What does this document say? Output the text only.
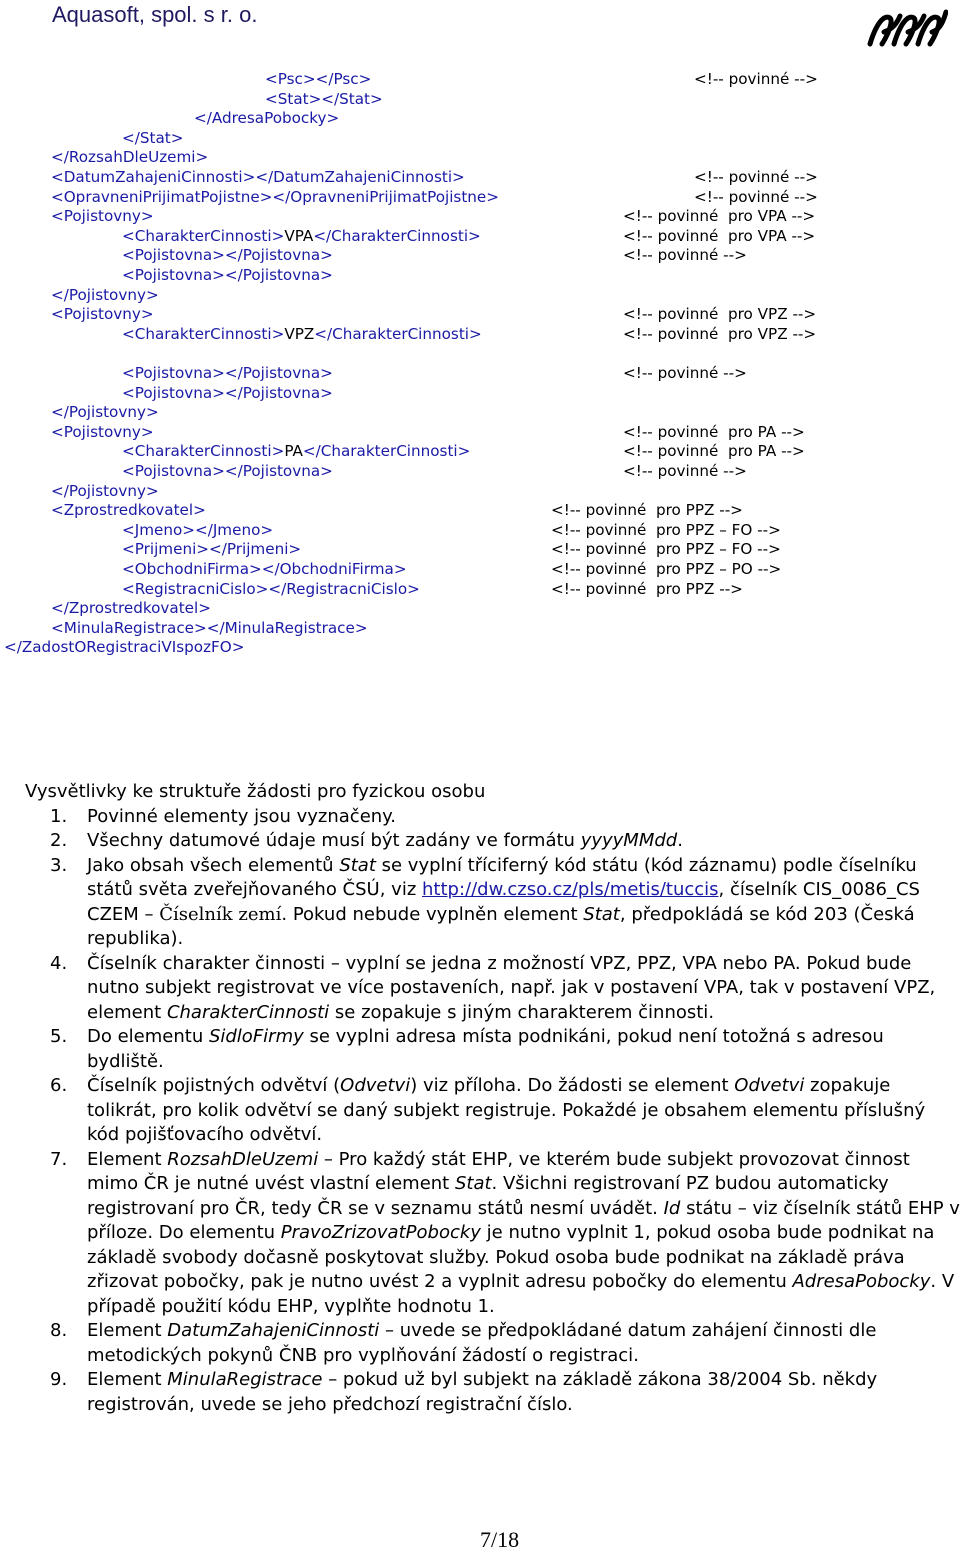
Aquasoft, spol. s r. o.
<Psc></Psc>	<!-- povinné -->
<Stat></Stat>
</AdresaPobocky>
</Stat>
</RozsahDleUzemi>
<DatumZahajeniCinnosti></DatumZahajeniCinnosti>	<!-- povinné -->
<OpravneniPrijimatPojistne></OpravneniPrijimatPojistne>	<!-- povinné -->
<Pojistovny>	<!-- povinné  pro VPA -->
<CharakterCinnosti>VPA</CharakterCinnosti>	<!-- povinné  pro VPA -->
<Pojistovna></Pojistovna>	<!-- povinné -->
<Pojistovna></Pojistovna>
</Pojistovny>
<Pojistovny>	<!-- povinné  pro VPZ -->
<CharakterCinnosti>VPZ</CharakterCinnosti>	<!-- povinné  pro VPZ -->
<Pojistovna></Pojistovna>	<!-- povinné -->
<Pojistovna></Pojistovna>
</Pojistovny>
<Pojistovny>	<!-- povinné  pro PA -->
<CharakterCinnosti>PA</CharakterCinnosti>	<!-- povinné  pro PA -->
<Pojistovna></Pojistovna>	<!-- povinné -->
</Pojistovny>
<Zprostredkovatel>	<!-- povinné  pro PPZ -->
<Jmeno></Jmeno>	<!-- povinné  pro PPZ – FO -->
<Prijmeni></Prijmeni>	<!-- povinné  pro PPZ – FO -->
<ObchodniFirma></ObchodniFirma>	<!-- povinné  pro PPZ – PO -->
<RegistracniCislo></RegistracniCislo>	<!-- povinné  pro PPZ -->
</Zprostredkovatel>
<MinulaRegistrace></MinulaRegistrace>
</ZadostORegistraciVIspozFO>

Vysvětlivky ke struktuře žádosti pro fyzickou osobu

1. Povinné elementy jsou vyznačeny.
2. Všechny datumové údaje musí být zadány ve formátu yyyyMMdd.
3. Jako obsah všech elementů Stat se vyplní tříciferný kód státu (kód záznamu) podle číselníku států světa zveřejňovaného ČSÚ, viz http://dw.czso.cz/pls/metis/tuccis, číselník CIS_0086_CS CZEM – Číselník zemí. Pokud nebude vyplněn element Stat, předpokládá se kód 203 (Česká republika).
4. Číselník charakter činnosti – vyplní se jedna z možností VPZ, PPZ, VPA nebo PA. Pokud bude nutno subjekt registrovat ve více postaveních, např. jak v postavení VPA, tak v postavení VPZ, element CharakterCinnosti se zopakuje s jiným charakterem činnosti.
5. Do elementu SidloFirmy se vyplni adresa místa podnikáni, pokud není totožná s adresou bydliště.
6. Číselník pojistných odvětví (Odvetvi) viz příloha. Do žádosti se element Odvetvi zopakuje tolikrát, pro kolik odvětví se daný subjekt registruje. Pokaždé je obsahem elementu příslušný kód pojišťovacího odvětví.
7. Element RozsahDleUzemi – Pro každý stát EHP, ve kterém bude subjekt provozovat činnost mimo ČR je nutné uvést vlastní element Stat. Všichni registrovaní PZ budou automaticky registrovaní pro ČR, tedy ČR se v seznamu států nesmí uvádět. Id státu – viz číselník států EHP v příloze. Do elementu PravoZrizovatPobocky je nutno vyplnit 1, pokud osoba bude podnikat na základě svobody dočasně poskytovat služby. Pokud osoba bude podnikat na základě práva zřizovat pobočky, pak je nutno uvést 2 a vyplnit adresu pobočky do elementu AdresaPobocky. V případě použití kódu EHP, vyplňte hodnotu 1.
8. Element DatumZahajeniCinnosti – uvede se předpokládané datum zahájení činnosti dle metodických pokynů ČNB pro vyplňování žádostí o registraci.
9. Element MinulaRegistrace – pokud už byl subjekt na základě zákona 38/2004 Sb. někdy registrován, uvede se jeho předchozí registrační číslo.
7/18
